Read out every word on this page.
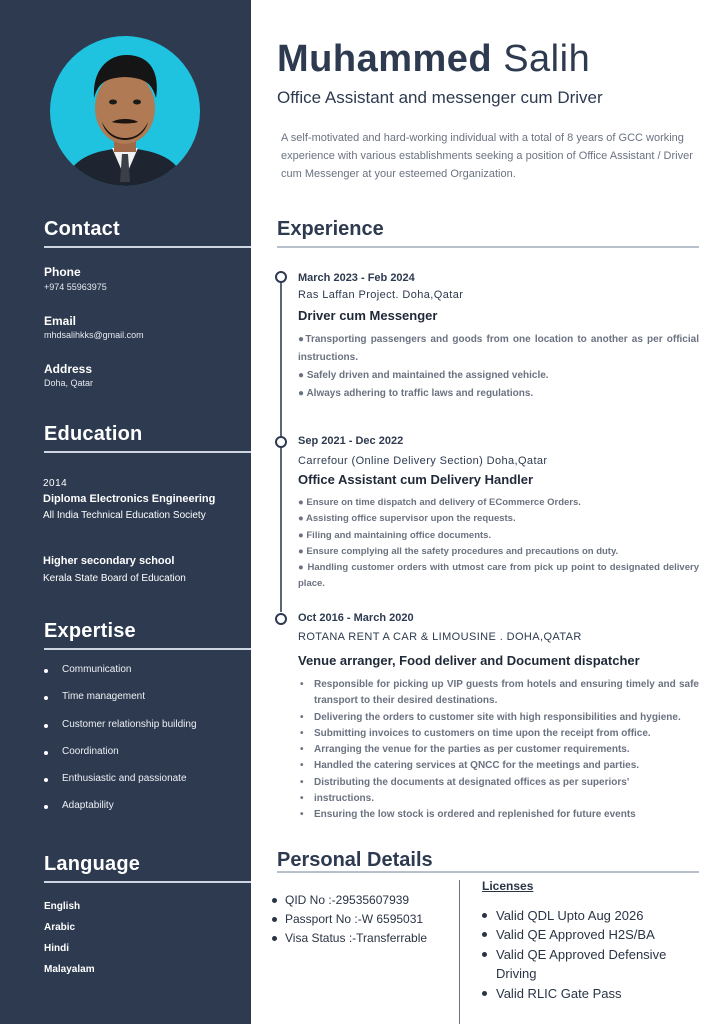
Contact
Phone
+974 55963975
Email
mhdsalihkks@gmail.com
Address
Doha, Qatar
Education
2014
Diploma Electronics Engineering
All India Technical Education Society
Higher secondary school
Kerala State Board of Education
Expertise
Communication
Time management
Customer relationship building
Coordination
Enthusiastic and passionate
Adaptability
Language
English
Arabic
Hindi
Malayalam
Muhammed Salih
Office Assistant and messenger cum Driver

A self-motivated and hard-working individual with a total of 8 years of GCC working experience with various establishments seeking a position of Office Assistant / Driver cum Messenger at your esteemed Organization.

Experience
March 2023 - Feb 2024
Ras Laffan Project. Doha,Qatar
Driver cum Messenger

●Transporting passengers and goods from one location to another as per official instructions.

● Safely driven and maintained the assigned vehicle.

● Always adhering to traffic laws and regulations.

Sep 2021 - Dec 2022
Carrefour (Online Delivery Section) Doha,Qatar
Office Assistant cum Delivery Handler

● Ensure on time dispatch and delivery of ECommerce Orders.

● Assisting office supervisor upon the requests.

● Filing and maintaining office documents.

● Ensure complying all the safety procedures and precautions on duty.

● Handling customer orders with utmost care from pick up point to designated delivery place.

Oct 2016 - March 2020
ROTANA RENT A CAR & LIMOUSINE . DOHA,QATAR
Venue arranger, Food deliver and Document dispatcher
• Responsible for picking up VIP guests from hotels and ensuring timely and safe transport to their desired destinations.
• Delivering the orders to customer site with high responsibilities and hygiene.
• Submitting invoices to customers on time upon the receipt from office.
• Arranging the venue for the parties as per customer requirements.
• Handled the catering services at QNCC for the meetings and parties.
• Distributing the documents at designated offices as per superiors'
• instructions.
• Ensuring the low stock is ordered and replenished for future events
Personal Details
QID No :-29535607939
Passport No :-W 6595031
Visa Status :-Transferrable
Licenses
Valid QDL Upto Aug 2026
Valid QE Approved H2S/BA
Valid QE Approved Defensive Driving
Valid RLIC Gate Pass
